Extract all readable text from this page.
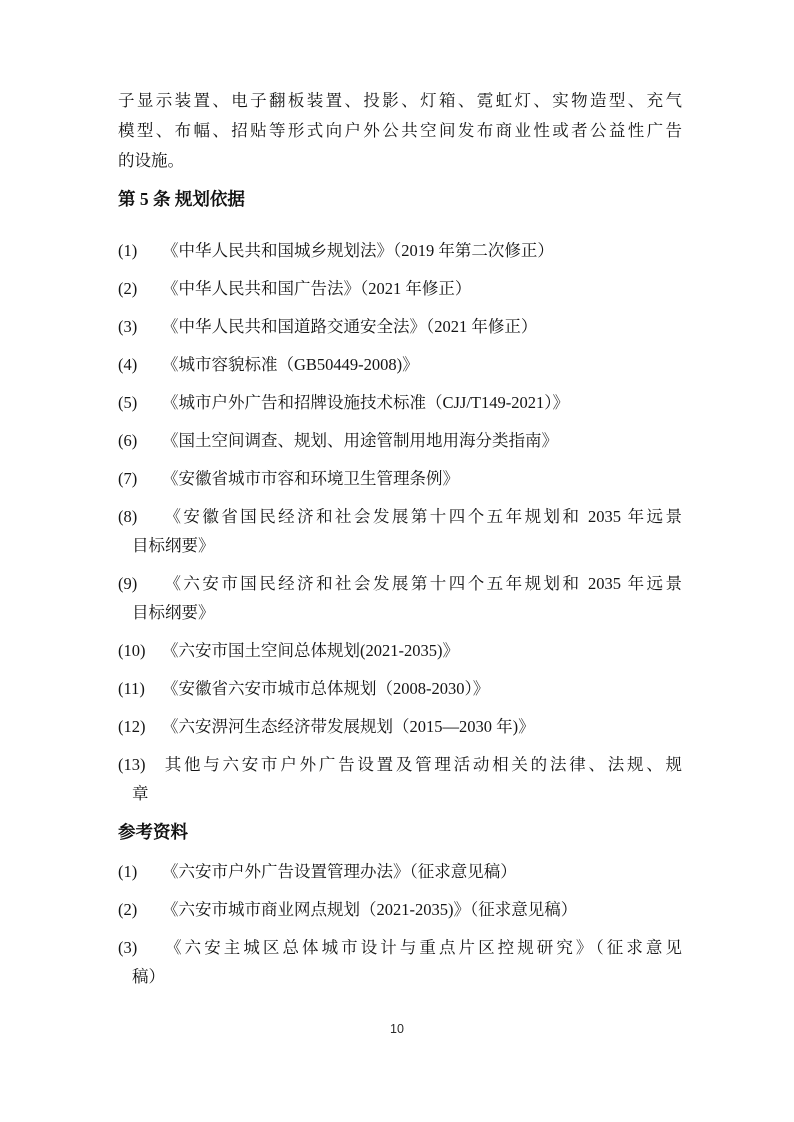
子显示装置、电子翻板装置、投影、灯箱、霓虹灯、实物造型、充气
模型、布幅、招贴等形式向户外公共空间发布商业性或者公益性广告
的设施。

第 5 条 规划依据
(1) 《中华人民共和国城乡规划法》（2019 年第二次修正）
(2) 《中华人民共和国广告法》（2021 年修正）
(3) 《中华人民共和国道路交通安全法》（2021 年修正）
(4) 《城市容貌标准（GB50449-2008)》
(5) 《城市户外广告和招牌设施技术标准（CJJ/T149-2021）》
(6) 《国土空间调查、规划、用途管制用地用海分类指南》
(7) 《安徽省城市市容和环境卫生管理条例》
(8) 《安徽省国民经济和社会发展第十四个五年规划和 2035 年远景
目标纲要》
(9) 《六安市国民经济和社会发展第十四个五年规划和 2035 年远景
目标纲要》
(10) 《六安市国土空间总体规划(2021-2035)》
(11) 《安徽省六安市城市总体规划（2008-2030）》
(12) 《六安淠河生态经济带发展规划（2015—2030 年)》
(13) 其他与六安市户外广告设置及管理活动相关的法律、法规、规
章
参考资料
(1) 《六安市户外广告设置管理办法》（征求意见稿）
(2) 《六安市城市商业网点规划（2021-2035)》（征求意见稿）
(3) 《六安主城区总体城市设计与重点片区控规研究》（征求意见
稿）
10
